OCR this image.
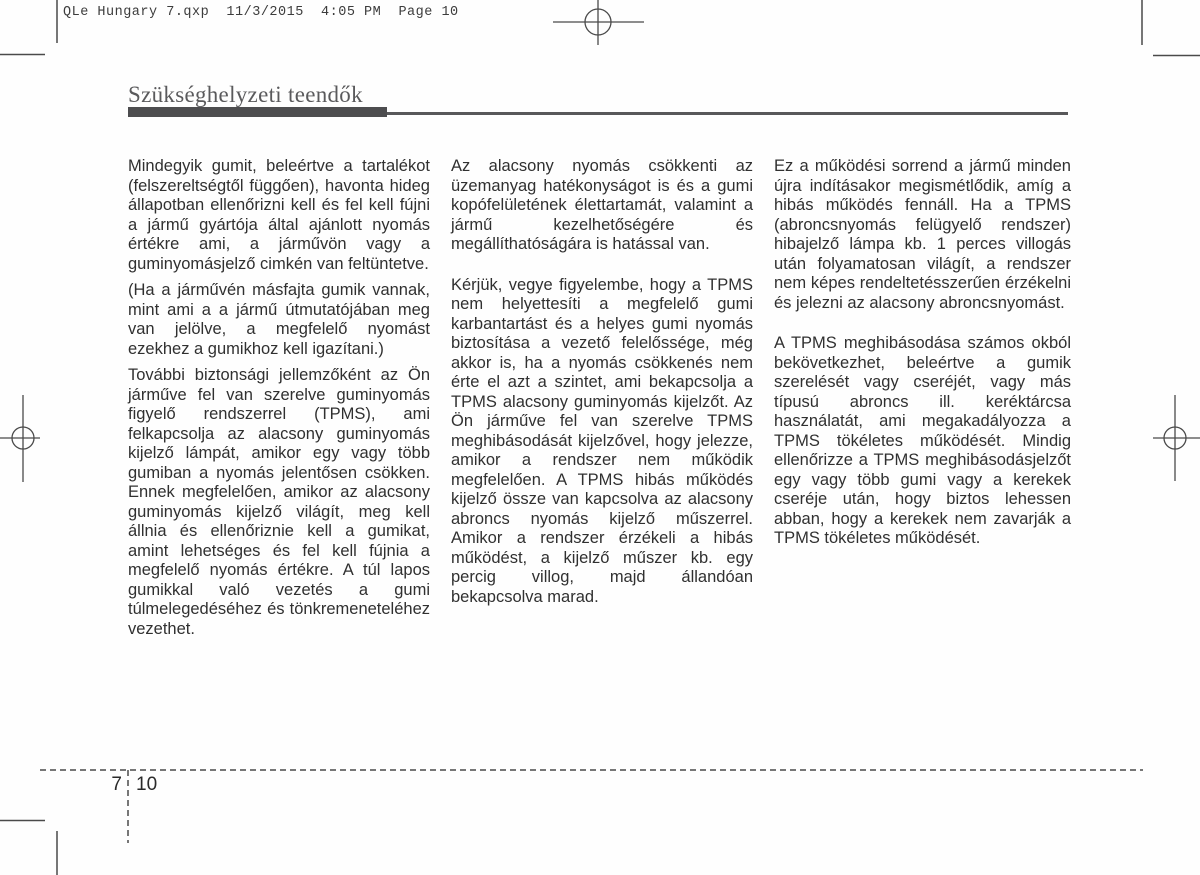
QLe Hungary 7.qxp  11/3/2015  4:05 PM  Page 10
Szükséghelyzeti teendők

Mindegyik gumit, beleértve a tartalékot (felszereltségtől függően), havonta hideg állapotban ellenőrizni kell és fel kell fújni a jármű gyártója által ajánlott nyomás értékre ami, a járművön vagy a guminyomásjelző cimkén van feltüntetve.

(Ha a járművén másfajta gumik vannak, mint ami a a jármű útmutatójában meg van jelölve, a megfelelő nyomást ezekhez a gumikhoz kell igazítani.)

További biztonsági jellemzőként az Ön járműve fel van szerelve guminyomás figyelő rendszerrel (TPMS), ami felkapcsolja az alacsony guminyomás kijelző lámpát, amikor egy vagy több gumiban a nyomás jelentősen csökken. Ennek megfelelően, amikor az alacsony guminyomás kijelző világít, meg kell állnia és ellenőriznie kell a gumikat, amint lehetséges és fel kell fújnia a megfelelő nyomás értékre. A túl lapos gumikkal való vezetés a gumi túlmelegedéséhez és tönkremeneteléhez vezethet.

Az alacsony nyomás csökkenti az üzemanyag hatékonyságot is és a gumi kopófelületének élettartamát, valamint a jármű kezelhetőségére és megállíthatóságára is hatással van.

Kérjük, vegye figyelembe, hogy a TPMS nem helyettesíti a megfelelő gumi karbantartást és a helyes gumi nyomás biztosítása a vezető felelőssége, még akkor is, ha a nyomás csökkenés nem érte el azt a szintet, ami bekapcsolja a TPMS alacsony guminyomás kijelzőt. Az Ön járműve fel van szerelve TPMS meghibásodását kijelzővel, hogy jelezze, amikor a rendszer nem működik megfelelően. A TPMS hibás működés kijelző össze van kapcsolva az alacsony abroncs nyomás kijelző műszerrel. Amikor a rendszer érzékeli a hibás működést, a kijelző műszer kb. egy percig villog, majd állandóan bekapcsolva marad.

Ez a működési sorrend a jármű minden újra indításakor megismétlődik, amíg a hibás működés fennáll. Ha a TPMS (abroncsnyomás felügyelő rendszer) hibajelző lámpa kb. 1 perces villogás után folyamatosan világít, a rendszer nem képes rendeltetésszerűen érzékelni és jelezni az alacsony abroncsnyomást.

A TPMS meghibásodása számos okból bekövetkezhet, beleértve a gumik szerelését vagy cseréjét, vagy más típusú abroncs ill. keréktárcsa használatát, ami megakadályozza a TPMS tökéletes működését. Mindig ellenőrizze a TPMS meghibásodásjelzőt egy vagy több gumi vagy a kerekek cseréje után, hogy biztos lehessen abban, hogy a kerekek nem zavarják a TPMS tökéletes működését.

7 10
